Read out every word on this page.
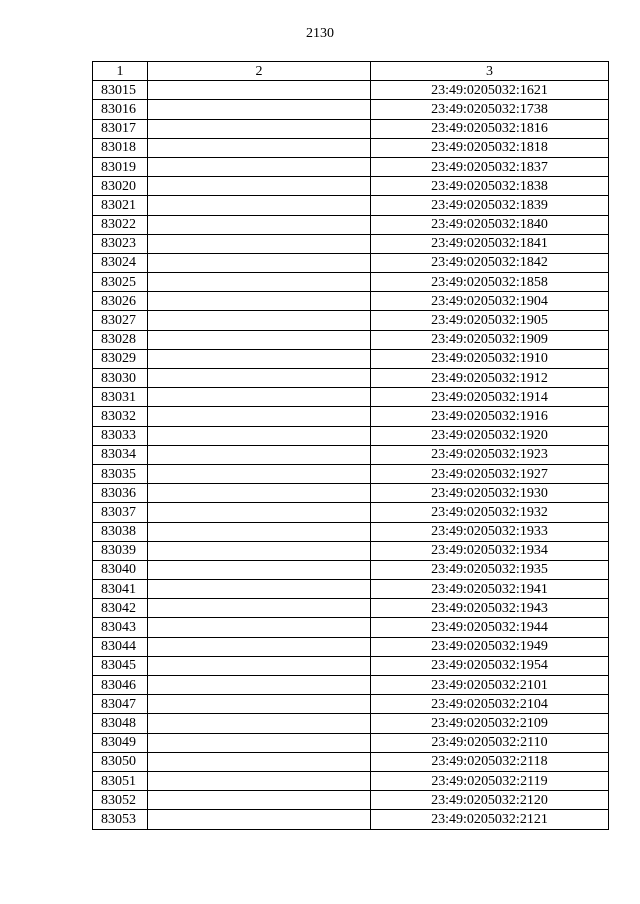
2130
1	2	3
83015		23:49:0205032:1621
83016		23:49:0205032:1738
83017		23:49:0205032:1816
83018		23:49:0205032:1818
83019		23:49:0205032:1837
83020		23:49:0205032:1838
83021		23:49:0205032:1839
83022		23:49:0205032:1840
83023		23:49:0205032:1841
83024		23:49:0205032:1842
83025		23:49:0205032:1858
83026		23:49:0205032:1904
83027		23:49:0205032:1905
83028		23:49:0205032:1909
83029		23:49:0205032:1910
83030		23:49:0205032:1912
83031		23:49:0205032:1914
83032		23:49:0205032:1916
83033		23:49:0205032:1920
83034		23:49:0205032:1923
83035		23:49:0205032:1927
83036		23:49:0205032:1930
83037		23:49:0205032:1932
83038		23:49:0205032:1933
83039		23:49:0205032:1934
83040		23:49:0205032:1935
83041		23:49:0205032:1941
83042		23:49:0205032:1943
83043		23:49:0205032:1944
83044		23:49:0205032:1949
83045		23:49:0205032:1954
83046		23:49:0205032:2101
83047		23:49:0205032:2104
83048		23:49:0205032:2109
83049		23:49:0205032:2110
83050		23:49:0205032:2118
83051		23:49:0205032:2119
83052		23:49:0205032:2120
83053		23:49:0205032:2121
